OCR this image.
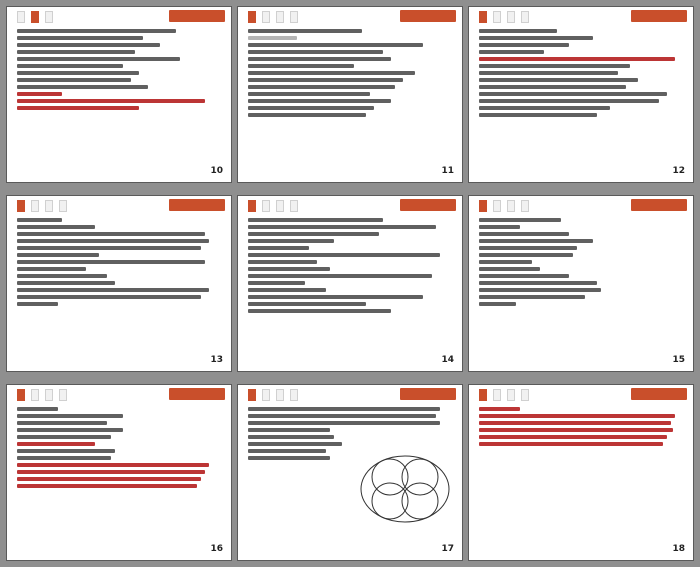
10	11	12
13	14	15
16	17	18
